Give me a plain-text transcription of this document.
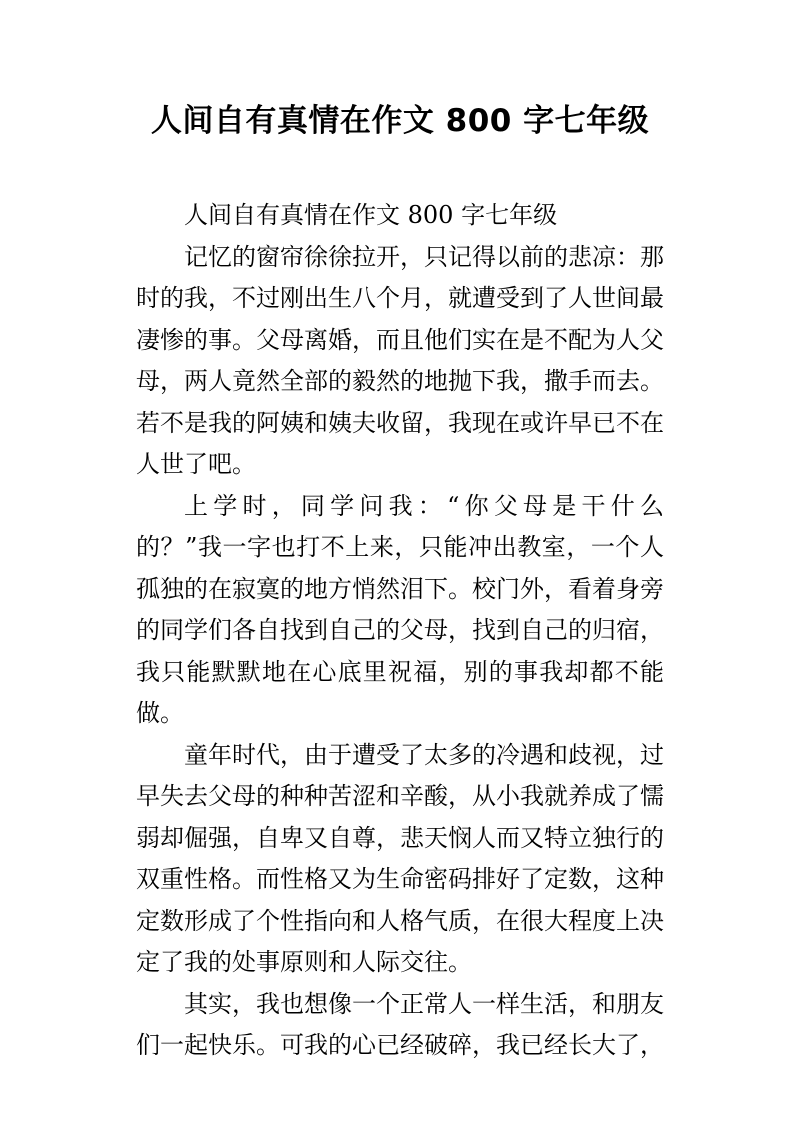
人间自有真情在作文 800 字七年级

人间自有真情在作文 800 字七年级

记忆的窗帘徐徐拉开，只记得以前的悲凉：那时的我，不过刚出生八个月，就遭受到了人世间最凄惨的事。父母离婚，而且他们实在是不配为人父母，两人竟然全部的毅然的地抛下我，撒手而去。若不是我的阿姨和姨夫收留，我现在或许早已不在人世了吧。

上学时，同学问我：“你父母是干什么的？”我一字也打不上来，只能冲出教室，一个人孤独的在寂寞的地方悄然泪下。校门外，看着身旁的同学们各自找到自己的父母，找到自己的归宿，我只能默默地在心底里祝福，别的事我却都不能做。

童年时代，由于遭受了太多的冷遇和歧视，过早失去父母的种种苦涩和辛酸，从小我就养成了懦弱却倔强，自卑又自尊，悲天悯人而又特立独行的双重性格。而性格又为生命密码排好了定数，这种定数形成了个性指向和人格气质，在很大程度上决定了我的处事原则和人际交往。

其实，我也想像一个正常人一样生活，和朋友们一起快乐。可我的心已经破碎，我已经长大了，
